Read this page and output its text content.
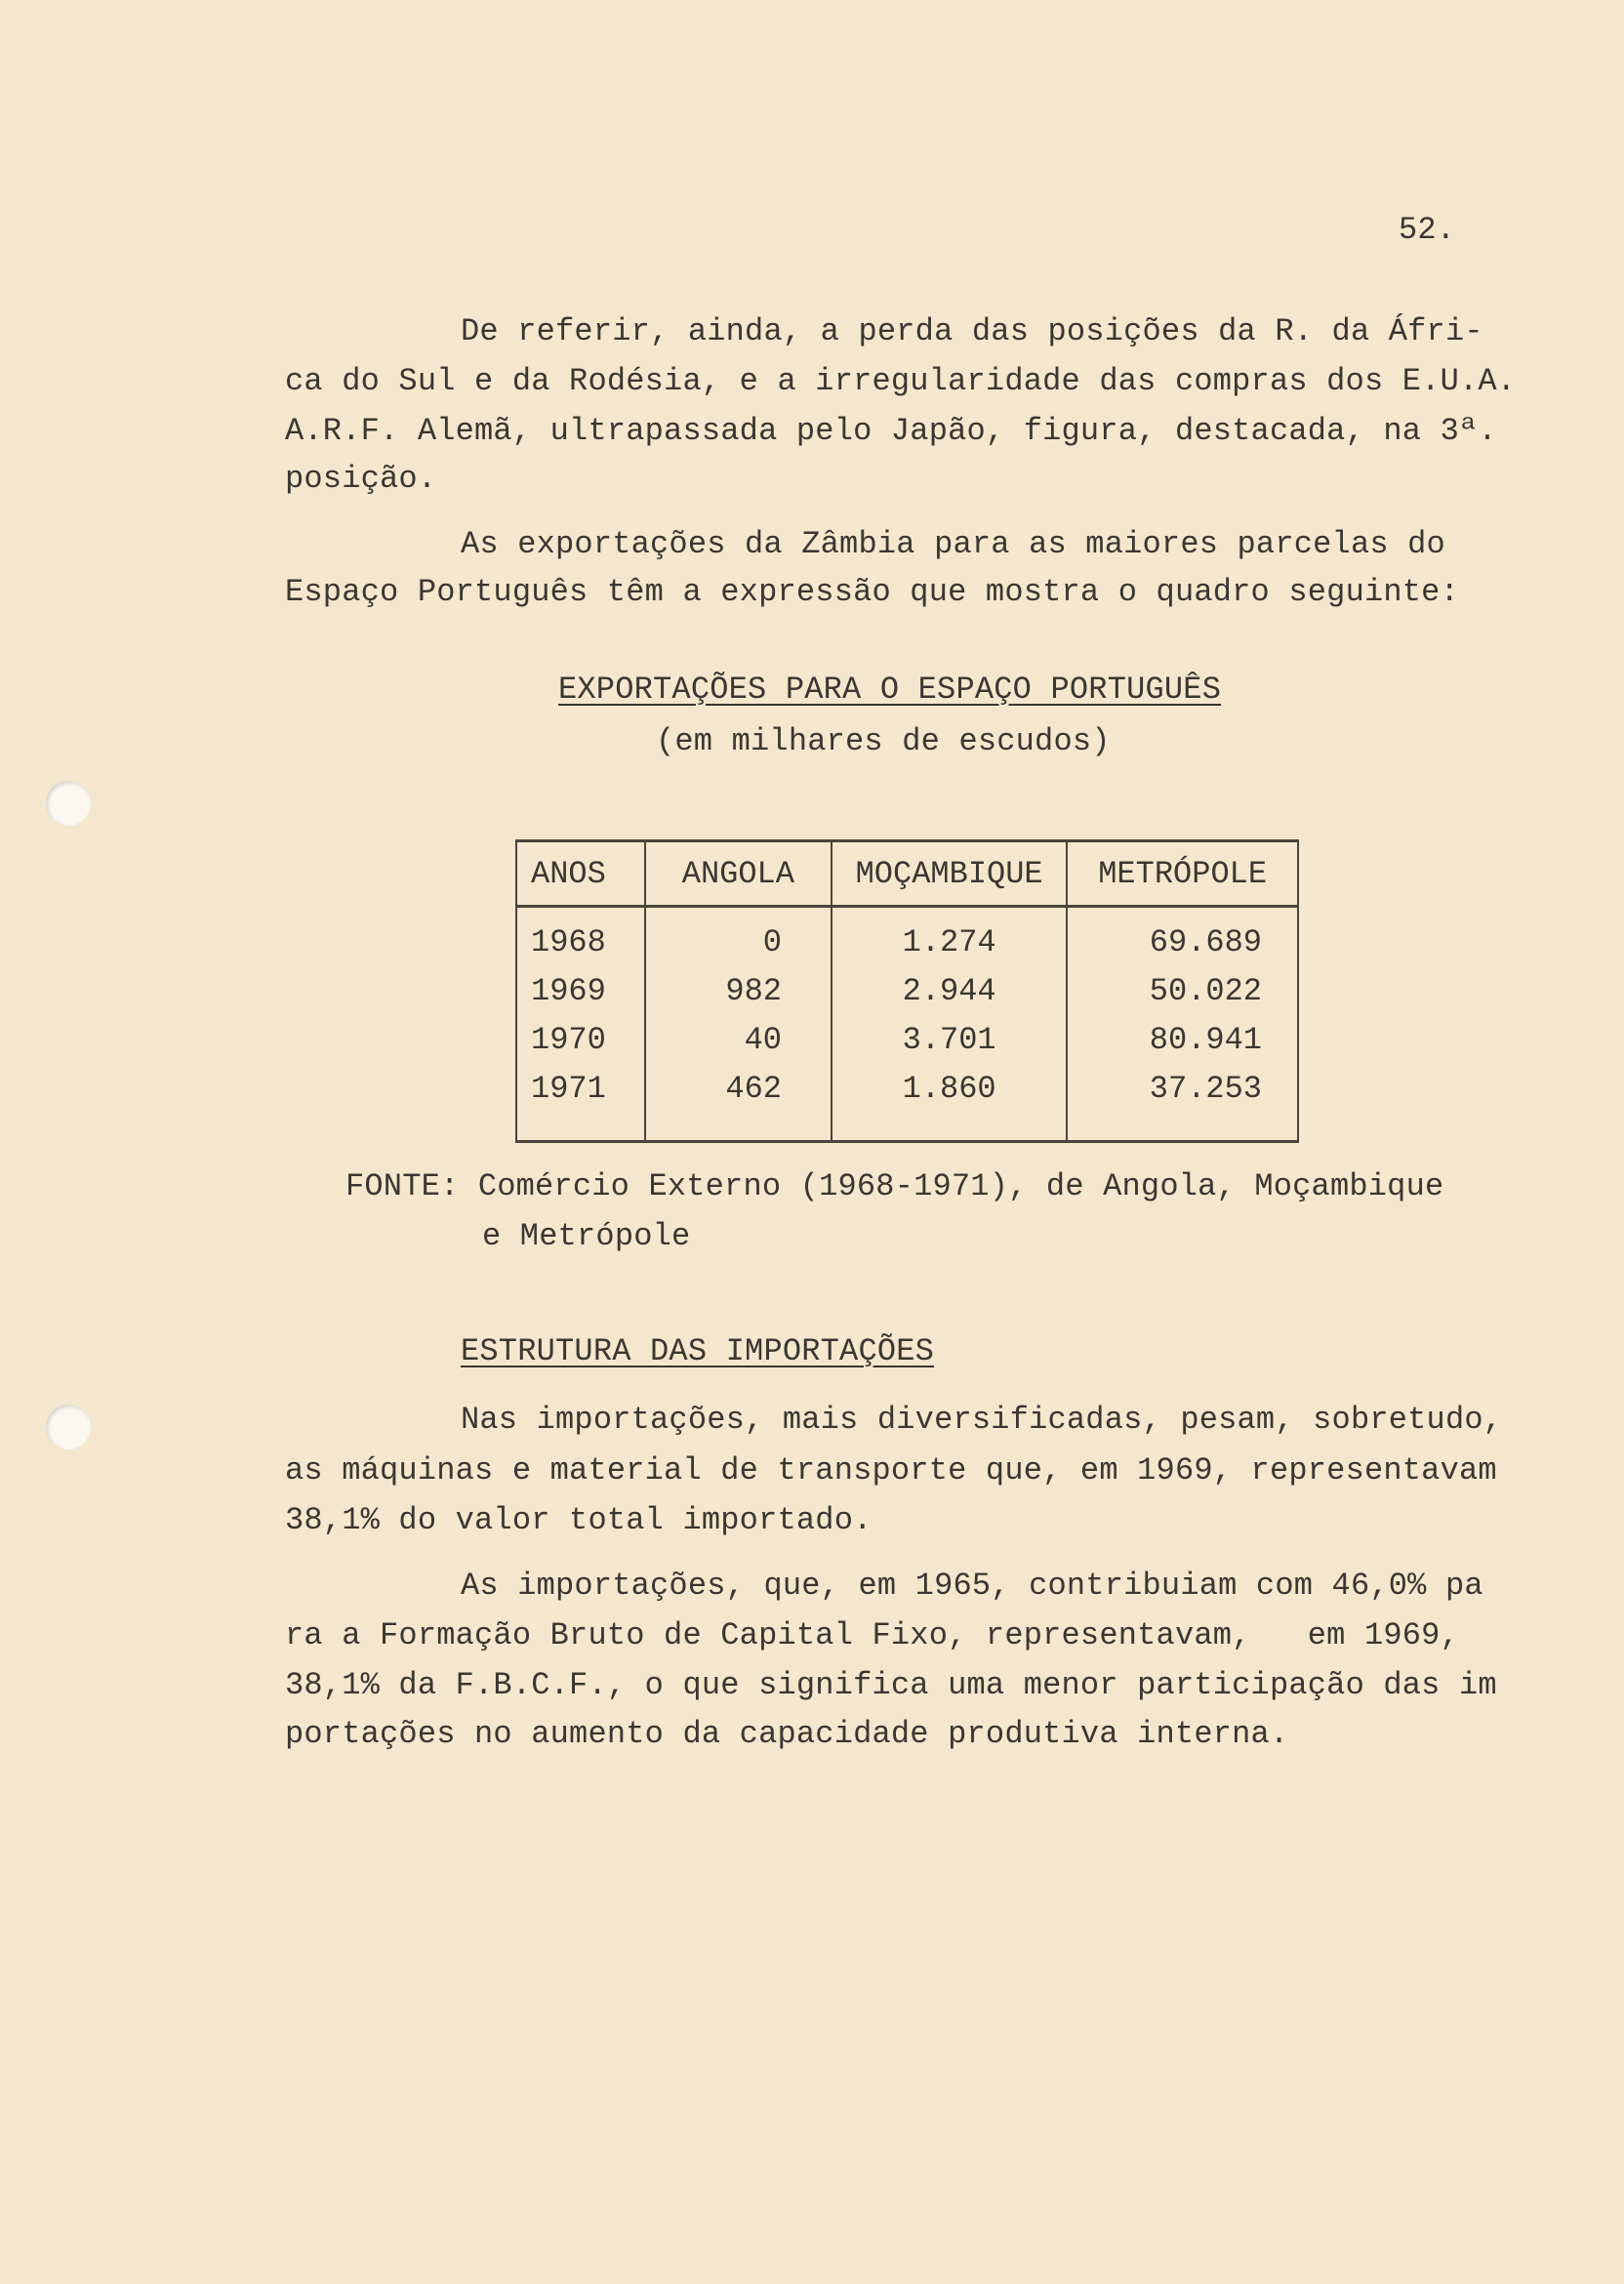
52.
De referir, ainda, a perda das posições da R. da Áfri-
ca do Sul e da Rodésia, e a irregularidade das compras dos E.U.A.
A.R.F. Alemã, ultrapassada pelo Japão, figura, destacada, na 3ª.
posição.
As exportações da Zâmbia para as maiores parcelas do
Espaço Português têm a expressão que mostra o quadro seguinte:
EXPORTAÇÕES PARA O ESPAÇO PORTUGUÊS
(em milhares de escudos)
ANOS	ANGOLA	MOÇAMBIQUE	METRÓPOLE
1968	0	1.274	69.689
1969	982	2.944	50.022
1970	40	3.701	80.941
1971	462	1.860	37.253
FONTE: Comércio Externo (1968-1971), de Angola, Moçambique
e Metrópole
ESTRUTURA DAS IMPORTAÇÕES
Nas importações, mais diversificadas, pesam, sobretudo,
as máquinas e material de transporte que, em 1969, representavam
38,1% do valor total importado.
As importações, que, em 1965, contribuiam com 46,0% pa
ra a Formação Bruto de Capital Fixo, representavam,   em 1969,
38,1% da F.B.C.F., o que significa uma menor participação das im
portações no aumento da capacidade produtiva interna.
